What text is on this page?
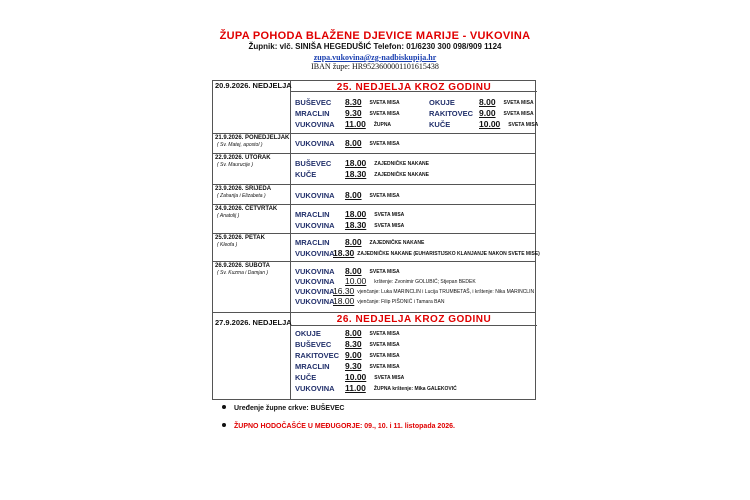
ŽUPA POHODA BLAŽENE DJEVICE MARIJE - VUKOVINA
Župnik: vlč. SINIŠA HEGEDUŠIĆ Telefon: 01/6230 300 098/909 1124
zupa.vukovina@zg-nadbiskupija.hr
IBAN župe: HR9523600001101615438
20.9.2026. NEDJELJA	25. NEDJELJA KROZ GODINU
BUŠEVEC 8.30 SVETA MISA	OKUJE	8.00 SVETA MISA
MRACLIN 9.30 SVETA MISA	RAKITOVEC 9.00 SVETA MISA
VUKOVINA 11.00 ŽUPNA	KUČE	10.00 SVETA MISA
21.9.2026. PONEDJELJAK
( Sv. Matej, apostol )	VUKOVINA 8.00 SVETA MISA
22.9.2026. UTORAK
( Sv. Maurucije )	BUŠEVEC 18.00 ZAJEDNIČKE NAKANE
KUČE	18.30 ZAJEDNIČKE NAKANE
23.9.2026. SRIJEDA
( Zaharija i Elizabeta )	VUKOVINA 8.00 SVETA MISA
24.9.2026. ČETVRTAK
( Anatolij )	MRACLIN 18.00 SVETA MISA
VUKOVINA 18.30 SVETA MISA
25.9.2026. PETAK
( Kleofa )	MRACLIN 8.00 ZAJEDNIČKE NAKANE
VUKOVINA18.30 ZAJEDNIČKE NAKANE (EUHARISTIJSKO KLANJANJE NAKON SVETE MISE)
26.9.2026. SUBOTA
( Sv. Kuzma i Damjan )	VUKOVINA 8.00 SVETA MISA
VUKOVINA 10.00 krštenje: Zvonimir GOLUBIĆ; Stjepan BEDEK
VUKOVINA16.30 vjenčanje: Luka MARINCLIN i Lucija TRUMBETAŠ, i krštenje: Nika MARINCLIN
VUKOVINA18.00 vjenčanje: Filip PIŠONIĆ i Tamara BAN
27.9.2026. NEDJELJA	26. NEDJELJA KROZ GODINU
OKUJE	8.00 SVETA MISA
BUŠEVEC 8.30 SVETA MISA
RAKITOVEC 9.00 SVETA MISA
MRACLIN 9.30 SVETA MISA
KUČE	10.00 SVETA MISA
VUKOVINA 11.00 ŽUPNA krštenje: Mika GALEKOVIĆ
Uređenje župne crkve: BUŠEVEC
ŽUPNO HODOČAŠĆE U MEĐUGORJE: 09., 10. i 11. listopada 2026.
